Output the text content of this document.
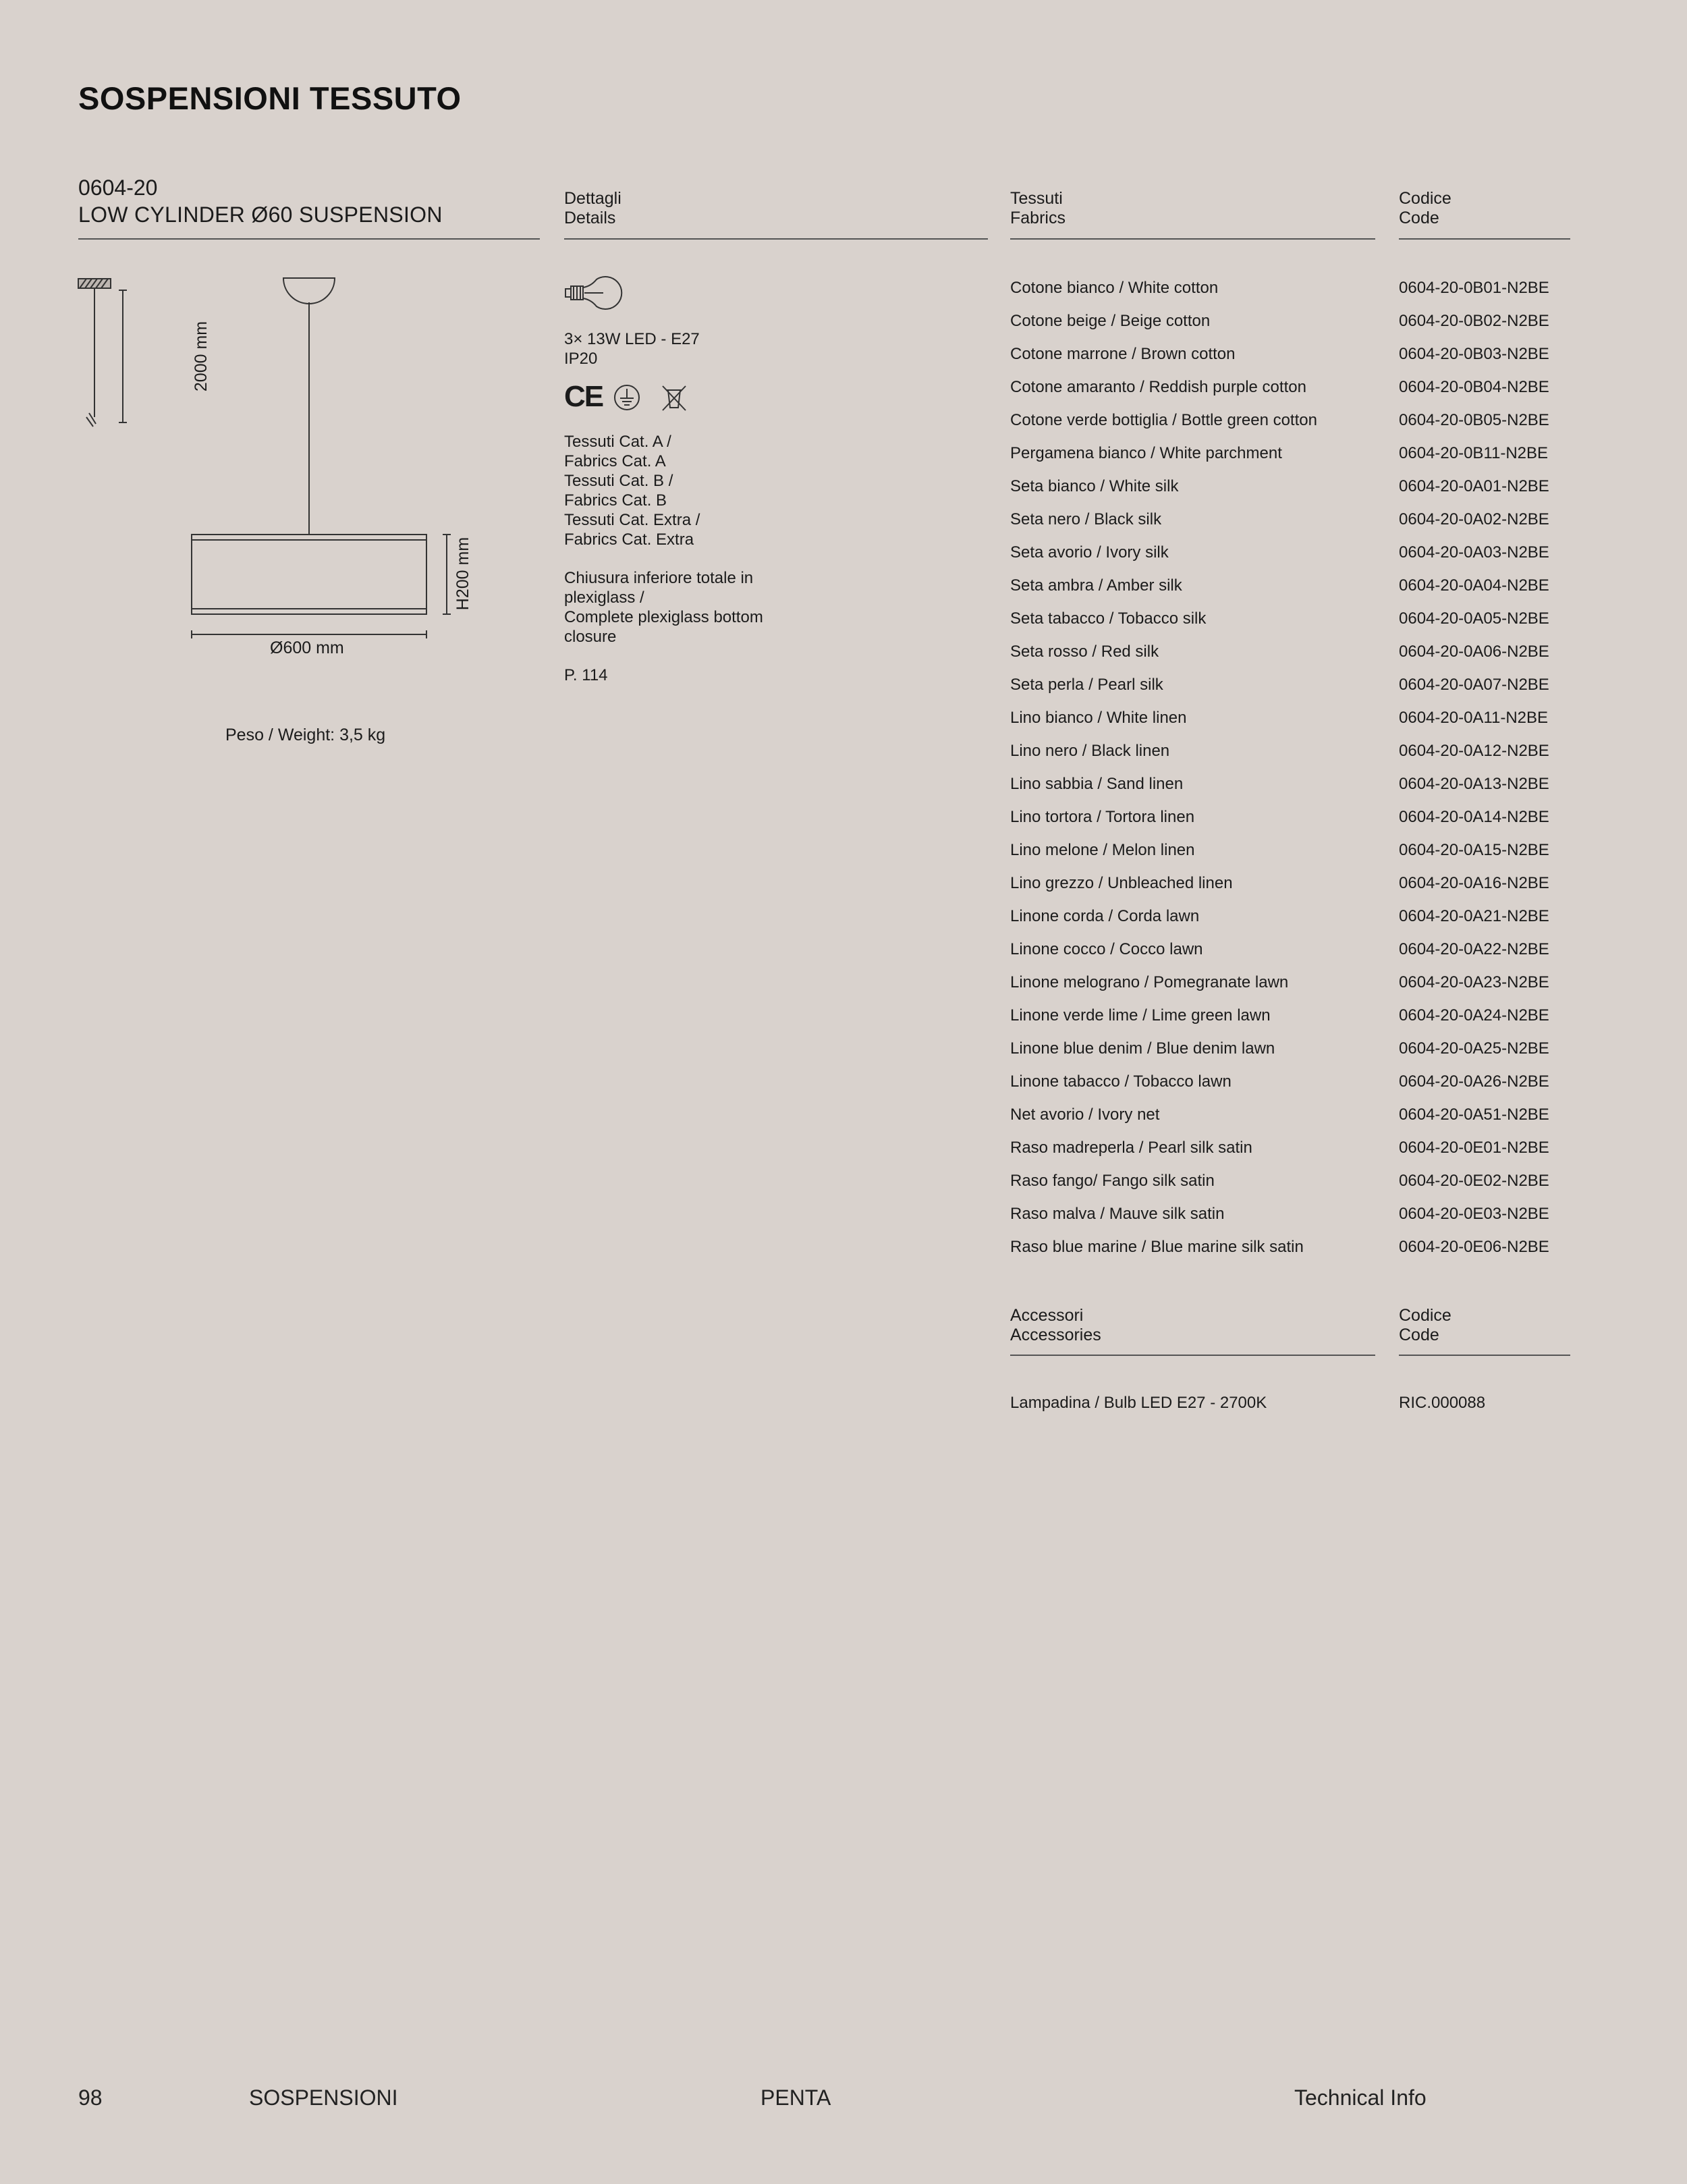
SOSPENSIONI TESSUTO
0604-20
LOW CYLINDER Ø60 SUSPENSION
2000 mm
H200 mm
Ø600 mm
Peso / Weight: 3,5 kg
Dettagli
Details

3× 13W LED - E27
IP20

CE

Tessuti Cat. A /
Fabrics Cat. A
Tessuti Cat. B /
Fabrics Cat. B
Tessuti Cat. Extra /
Fabrics Cat. Extra

Chiusura inferiore totale in
plexiglass /
Complete plexiglass bottom
closure

P. 114

Tessuti
Fabrics
Codice
Code
Cotone bianco / White cotton	0604-20-0B01-N2BE
Cotone beige / Beige cotton	0604-20-0B02-N2BE
Cotone marrone / Brown cotton	0604-20-0B03-N2BE
Cotone amaranto / Reddish purple cotton	0604-20-0B04-N2BE
Cotone verde bottiglia / Bottle green cotton	0604-20-0B05-N2BE
Pergamena bianco / White parchment	0604-20-0B11-N2BE
Seta bianco / White silk	0604-20-0A01-N2BE
Seta nero / Black silk	0604-20-0A02-N2BE
Seta avorio / Ivory silk	0604-20-0A03-N2BE
Seta ambra / Amber silk	0604-20-0A04-N2BE
Seta tabacco / Tobacco silk	0604-20-0A05-N2BE
Seta rosso / Red silk	0604-20-0A06-N2BE
Seta perla / Pearl silk	0604-20-0A07-N2BE
Lino bianco / White linen	0604-20-0A11-N2BE
Lino nero / Black linen	0604-20-0A12-N2BE
Lino sabbia / Sand linen	0604-20-0A13-N2BE
Lino tortora / Tortora linen	0604-20-0A14-N2BE
Lino melone / Melon linen	0604-20-0A15-N2BE
Lino grezzo / Unbleached linen	0604-20-0A16-N2BE
Linone corda / Corda lawn	0604-20-0A21-N2BE
Linone cocco / Cocco lawn	0604-20-0A22-N2BE
Linone melograno / Pomegranate lawn	0604-20-0A23-N2BE
Linone verde lime / Lime green lawn	0604-20-0A24-N2BE
Linone blue denim / Blue denim lawn	0604-20-0A25-N2BE
Linone tabacco / Tobacco lawn	0604-20-0A26-N2BE
Net avorio / Ivory net	0604-20-0A51-N2BE
Raso madreperla / Pearl silk satin	0604-20-0E01-N2BE
Raso fango/ Fango silk satin	0604-20-0E02-N2BE
Raso malva / Mauve silk satin	0604-20-0E03-N2BE
Raso blue marine / Blue marine silk satin	0604-20-0E06-N2BE
Accessori
Accessories
Codice
Code
Lampadina / Bulb LED E27 - 2700K	RIC.000088
98	SOSPENSIONI	PENTA	Technical Info
